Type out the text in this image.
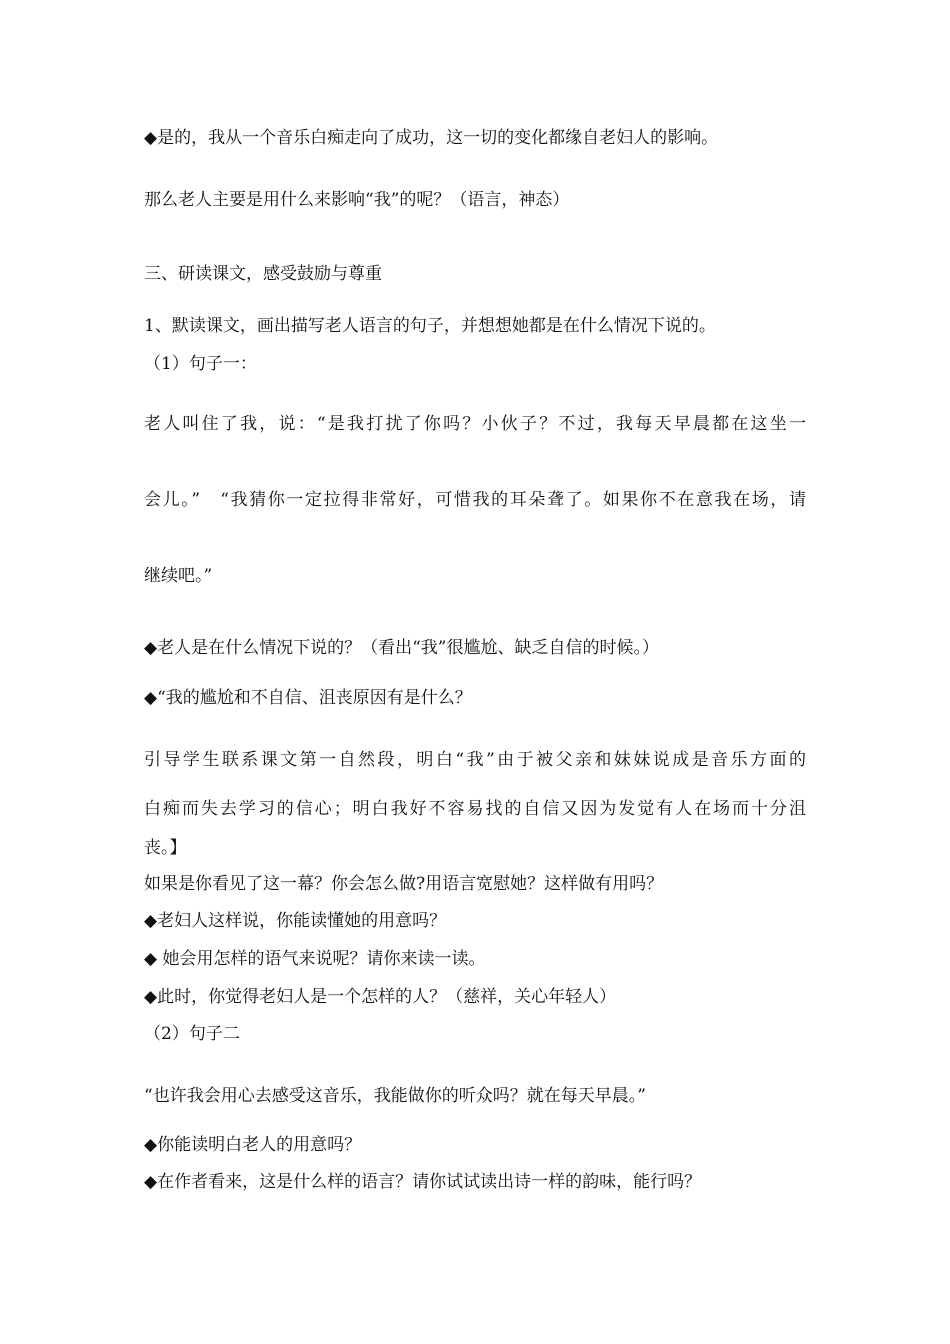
◆是的，我从一个音乐白痴走向了成功，这一切的变化都缘自老妇人的影响。
那么老人主要是用什么来影响“我”的呢？（语言，神态）
三、研读课文，感受鼓励与尊重
1、默读课文，画出描写老人语言的句子，并想想她都是在什么情况下说的。
（1）句子一：
老人叫住了我，说：“是我打扰了你吗？小伙子？不过，我每天早晨都在这坐一
会儿。”　“我猜你一定拉得非常好，可惜我的耳朵聋了。如果你不在意我在场，请
继续吧。”
◆老人是在什么情况下说的？（看出“我”很尴尬、缺乏自信的时候。）
◆“我的尴尬和不自信、沮丧原因有是什么？
引导学生联系课文第一自然段，明白“我”由于被父亲和妹妹说成是音乐方面的
白痴而失去学习的信心；明白我好不容易找的自信又因为发觉有人在场而十分沮
丧。】
如果是你看见了这一幕？你会怎么做?用语言宽慰她？这样做有用吗？
◆老妇人这样说，你能读懂她的用意吗？
◆ 她会用怎样的语气来说呢？请你来读一读。
◆此时，你觉得老妇人是一个怎样的人？（慈祥，关心年轻人）
（2）句子二
“也许我会用心去感受这音乐，我能做你的听众吗？就在每天早晨。”
◆你能读明白老人的用意吗？
◆在作者看来，这是什么样的语言？请你试试读出诗一样的韵味，能行吗？
